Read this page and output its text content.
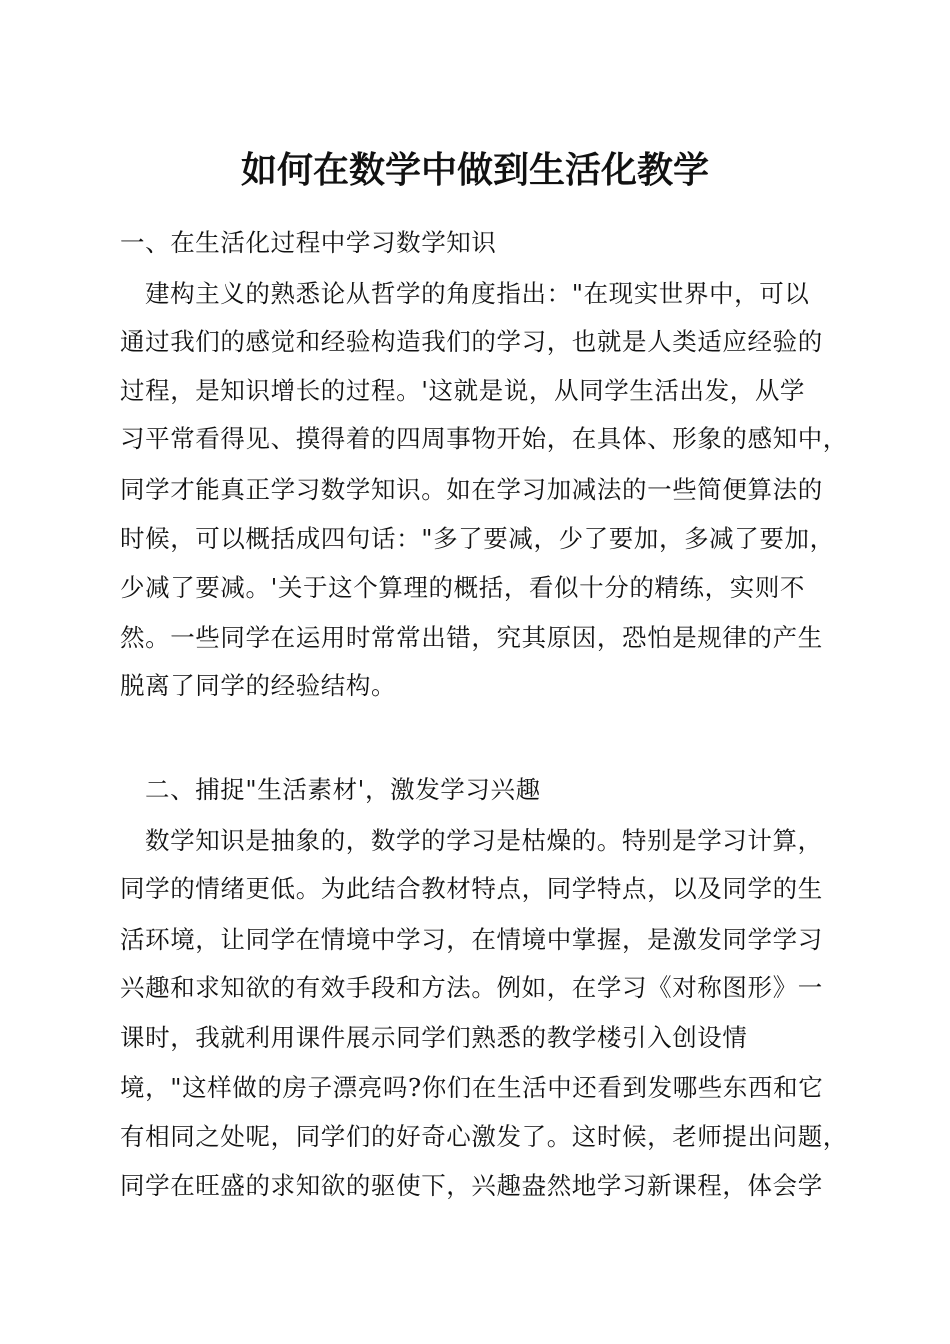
如何在数学中做到生活化教学
一、在生活化过程中学习数学知识
建构主义的熟悉论从哲学的角度指出："在现实世界中，可以
通过我们的感觉和经验构造我们的学习，也就是人类适应经验的
过程，是知识增长的过程。'这就是说，从同学生活出发，从学
习平常看得见、摸得着的四周事物开始，在具体、形象的感知中，
同学才能真正学习数学知识。如在学习加减法的一些简便算法的
时候，可以概括成四句话："多了要减，少了要加，多减了要加，
少减了要减。'关于这个算理的概括，看似十分的精练，实则不
然。一些同学在运用时常常出错，究其原因，恐怕是规律的产生
脱离了同学的经验结构。
二、捕捉"生活素材'，激发学习兴趣
数学知识是抽象的，数学的学习是枯燥的。特别是学习计算，
同学的情绪更低。为此结合教材特点，同学特点，以及同学的生
活环境，让同学在情境中学习，在情境中掌握，是激发同学学习
兴趣和求知欲的有效手段和方法。例如，在学习《对称图形》一
课时，我就利用课件展示同学们熟悉的教学楼引入创设情
境，"这样做的房子漂亮吗?你们在生活中还看到发哪些东西和它
有相同之处呢，同学们的好奇心激发了。这时候，老师提出问题，
同学在旺盛的求知欲的驱使下，兴趣盎然地学习新课程，体会学
